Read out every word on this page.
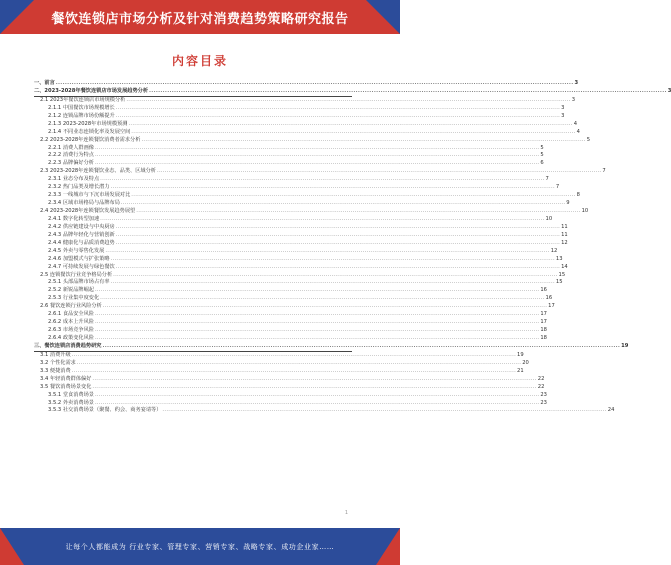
餐饮连锁店市场分析及针对消费趋势策略研究报告
内容目录
一、前言 .....	3
二、2023-2028年餐饮连锁店市场发展趋势分析 .....	3
2.1 2023年餐饮连锁店市场规模分析 .....	3
2.1.1 中国餐饮市场规模增长 .....	3
2.1.2 连锁品牌市场份额提升 .....	3
2.1.3 2023-2028年市场规模预测 .....	4
2.1.4 不同业态连锁化率及发展空间 .....	4
2.2 2023-2028年连锁餐饮消费者需求分析 .....	5
2.2.1 消费人群画像 .....	5
2.2.2 消费行为特点 .....	5
2.2.3 品牌偏好分析 .....	6
2.3 2023-2028年连锁餐饮业态、品类、区域分析 .....	7
2.3.1 业态分布及特点 .....	7
2.3.2 热门品类及增长潜力 .....	7
2.3.3 一线城市与下沉市场发展对比 .....	8
2.3.4 区域市场格局与品牌布局 .....	9
2.4 2023-2028年连锁餐饮发展趋势展望 .....	10
2.4.1 数字化转型加速 .....	10
2.4.2 供应链建设与中央厨房 .....	11
2.4.3 品牌年轻化与营销创新 .....	11
2.4.4 健康化与品质消费趋势 .....	12
2.4.5 外卖与零售化发展 .....	12
2.4.6 加盟模式与扩张策略 .....	13
2.4.7 可持续发展与绿色餐饮 .....	14
2.5 连锁餐饮行业竞争格局分析 .....	15
2.5.1 头部品牌市场占有率 .....	15
2.5.2 新锐品牌崛起 .....	16
2.5.3 行业集中度变化 .....	16
2.6 餐饮连锁行业风险分析 .....	17
2.6.1 食品安全风险 .....	17
2.6.2 成本上升风险 .....	17
2.6.3 市场竞争风险 .....	18
2.6.4 政策变化风险 .....	18
三、餐饮连锁店消费趋势研究 .....	19
3.1 消费升级 .....	19
3.2 个性化需求 .....	20
3.3 便捷消费 .....	21
3.4 年轻消费群体偏好 .....	22
3.5 餐饮消费场景变化 .....	22
3.5.1 堂食消费场景 .....	23
3.5.2 外卖消费场景 .....	23
3.5.3 社交消费场景（聚餐、约会、商务宴请等） .....	24
1
让每个人都能成为 行业专家、管理专家、营销专家、战略专家、成功企业家……
